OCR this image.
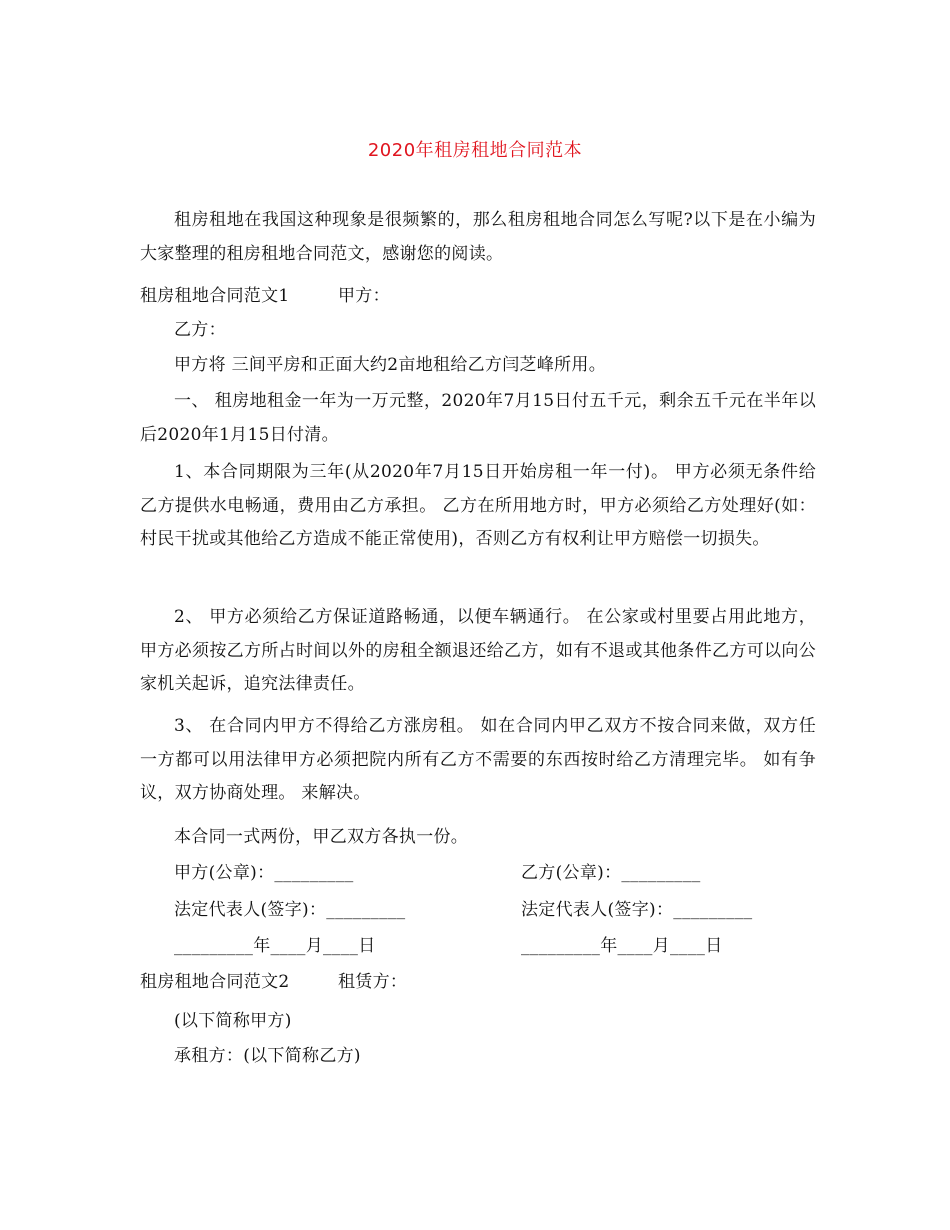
2020年租房租地合同范本
租房租地在我国这种现象是很频繁的，那么租房租地合同怎么写呢?以下是在小编为大家整理的租房租地合同范文，感谢您的阅读。
租房租地合同范文1	甲方：
乙方：
甲方将 三间平房和正面大约2亩地租给乙方闫芝峰所用。
一、 租房地租金一年为一万元整，2020年7月15日付五千元，剩余五千元在半年以后2020年1月15日付清。
1、本合同期限为三年(从2020年7月15日开始房租一年一付)。 甲方必须无条件给乙方提供水电畅通，费用由乙方承担。 乙方在所用地方时，甲方必须给乙方处理好(如：村民干扰或其他给乙方造成不能正常使用)，否则乙方有权利让甲方赔偿一切损失。
2、 甲方必须给乙方保证道路畅通，以便车辆通行。 在公家或村里要占用此地方，甲方必须按乙方所占时间以外的房租全额退还给乙方，如有不退或其他条件乙方可以向公家机关起诉，追究法律责任。
3、 在合同内甲方不得给乙方涨房租。 如在合同内甲乙双方不按合同来做，双方任一方都可以用法律甲方必须把院内所有乙方不需要的东西按时给乙方清理完毕。 如有争议，双方协商处理。 来解决。
本合同一式两份，甲乙双方各执一份。
甲方(公章)：_________	乙方(公章)：_________
法定代表人(签字)：_________	法定代表人(签字)：_________
_________年____月____日	_________年____月____日
租房租地合同范文2	租赁方：
(以下简称甲方)
承租方：(以下简称乙方)
